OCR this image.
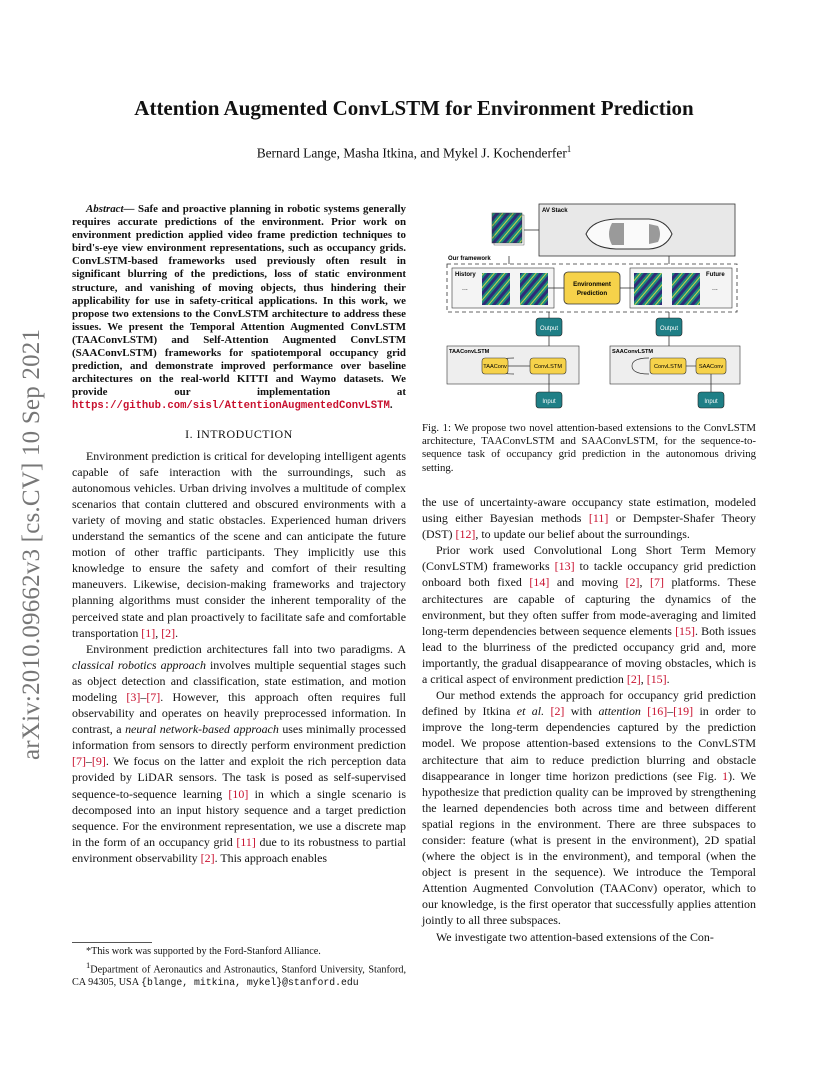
Attention Augmented ConvLSTM for Environment Prediction
Bernard Lange, Masha Itkina, and Mykel J. Kochenderfer$^1$
arXiv:2010.09662v3 [cs.CV] 10 Sep 2021

Abstract— Safe and proactive planning in robotic systems generally requires accurate predictions of the environment. Prior work on environment prediction applied video frame prediction techniques to bird's-eye view environment representations, such as occupancy grids. ConvLSTM-based frameworks used previously often result in significant blurring of the predictions, loss of static environment structure, and vanishing of moving objects, thus hindering their applicability for use in safety-critical applications. In this work, we propose two extensions to the ConvLSTM architecture to address these issues. We present the Temporal Attention Augmented ConvLSTM (TAAConvLSTM) and Self-Attention Augmented ConvLSTM (SAAConvLSTM) frameworks for spatiotemporal occupancy grid prediction, and demonstrate improved performance over baseline architectures on the real-world KITTI and Waymo datasets. We provide our implementation at https://github.com/sisl/AttentionAugmentedConvLSTM.

I. INTRODUCTION

Environment prediction is critical for developing intelligent agents capable of safe interaction with the surroundings, such as autonomous vehicles. Urban driving involves a multitude of complex scenarios that contain cluttered and obscured environments with a variety of moving and static obstacles. Experienced human drivers understand the semantics of the scene and can anticipate the future motion of other traffic participants. They implicitly use this knowledge to ensure the safety and comfort of their resulting maneuvers. Likewise, decision-making frameworks and trajectory planning algorithms must consider the inherent temporality of the perceived state and plan proactively to facilitate safe and comfortable transportation [1], [2].

Environment prediction architectures fall into two paradigms. A classical robotics approach involves multiple sequential stages such as object detection and classification, state estimation, and motion modeling [3]–[7]. However, this approach often requires full observability and operates on heavily preprocessed information. In contrast, a neural network-based approach uses minimally processed information from sensors to directly perform environment prediction [7]–[9]. We focus on the latter and exploit the rich perception data provided by LiDAR sensors. The task is posed as self-supervised sequence-to-sequence learning [10] in which a single scenario is decomposed into an input history sequence and a target prediction sequence. For the environment representation, we use a discrete map in the form of an occupancy grid [11] due to its robustness to partial environment observability [2]. This approach enables

*This work was supported by the Ford-Stanford Alliance.

$^1$Department of Aeronautics and Astronautics, Stanford University, Stanford, CA 94305, USA {blange, mitkina, mykel}@stanford.edu

AV Stack
Our framework
History
...
Environment
Prediction
Future
...
Output	Output
TAAConvLSTM
TAAConv	ConvLSTM
SAAConvLSTM
ConvLSTM	SAAConv
Input	Input
Fig. 1: We propose two novel attention-based extensions to the ConvLSTM architecture, TAAConvLSTM and SAAConvLSTM, for the sequence-to-sequence task of occupancy grid prediction in the autonomous driving setting.

the use of uncertainty-aware occupancy state estimation, modeled using either Bayesian methods [11] or Dempster-Shafer Theory (DST) [12], to update our belief about the surroundings.

Prior work used Convolutional Long Short Term Memory (ConvLSTM) frameworks [13] to tackle occupancy grid prediction onboard both fixed [14] and moving [2], [7] platforms. These architectures are capable of capturing the dynamics of the environment, but they often suffer from mode-averaging and limited long-term dependencies between sequence elements [15]. Both issues lead to the blurriness of the predicted occupancy grid and, more importantly, the gradual disappearance of moving obstacles, which is a critical aspect of environment prediction [2], [15].

Our method extends the approach for occupancy grid prediction defined by Itkina et al. [2] with attention [16]–[19] in order to improve the long-term dependencies captured by the prediction model. We propose attention-based extensions to the ConvLSTM architecture that aim to reduce prediction blurring and obstacle disappearance in longer time horizon predictions (see Fig. 1). We hypothesize that prediction quality can be improved by strengthening the learned dependencies both across time and between different spatial regions in the environment. There are three subspaces to consider: feature (what is present in the environment), 2D spatial (where the object is in the environment), and temporal (when the object is present in the sequence). We introduce the Temporal Attention Augmented Convolution (TAAConv) operator, which to our knowledge, is the first operator that successfully applies attention jointly to all three subspaces.

We investigate two attention-based extensions of the Con-
